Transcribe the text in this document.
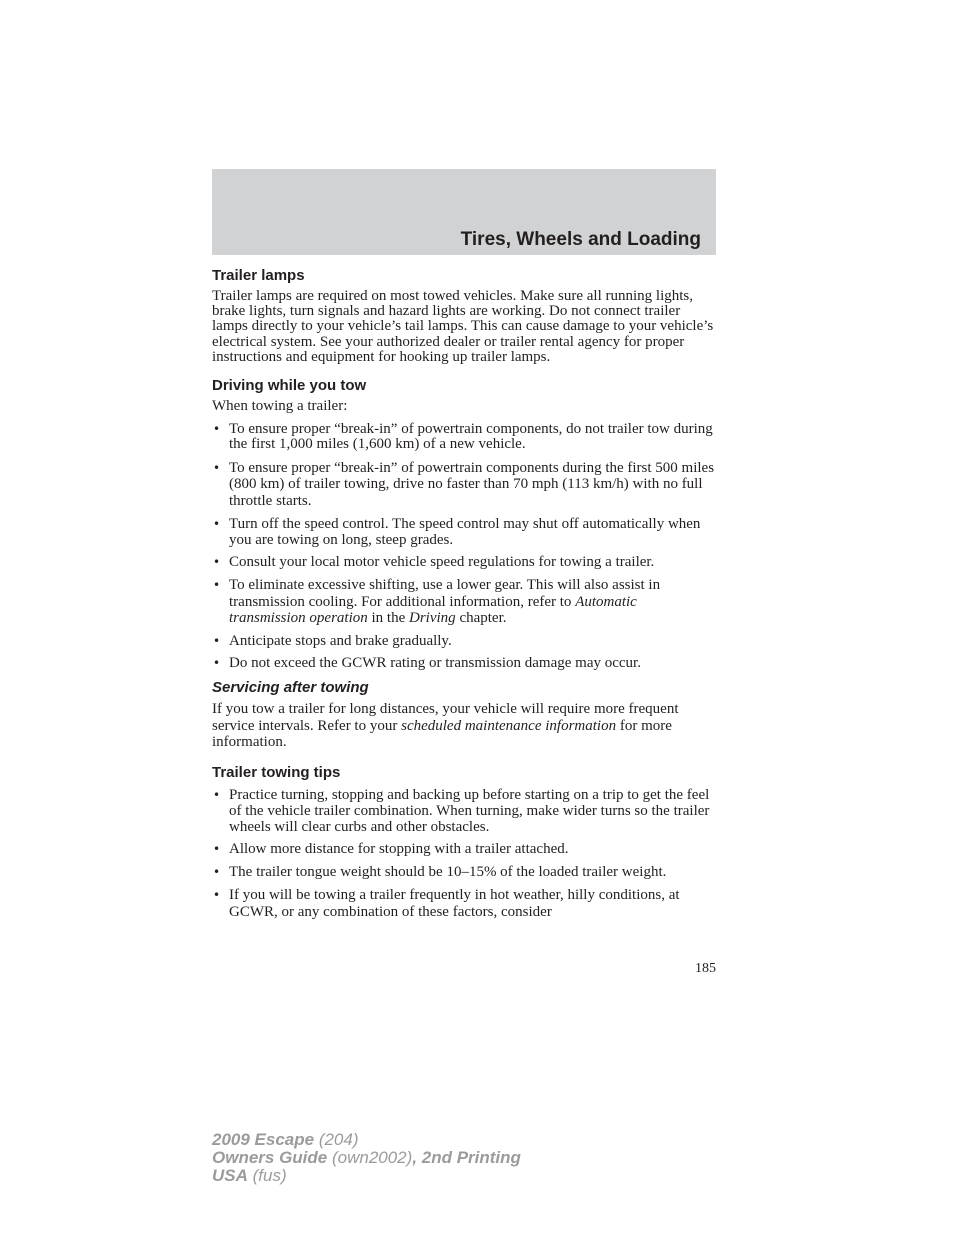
Tires, Wheels and Loading
Trailer lamps

Trailer lamps are required on most towed vehicles. Make sure all running lights, brake lights, turn signals and hazard lights are working. Do not connect trailer lamps directly to your vehicle’s tail lamps. This can cause damage to your vehicle’s electrical system. See your authorized dealer or trailer rental agency for proper instructions and equipment for hooking up trailer lamps.

Driving while you tow

When towing a trailer:

• To ensure proper “break-in” of powertrain components, do not trailer tow during the first 1,000 miles (1,600 km) of a new vehicle.
• To ensure proper “break-in” of powertrain components during the first 500 miles (800 km) of trailer towing, drive no faster than 70 mph (113 km/h) with no full throttle starts.
• Turn off the speed control. The speed control may shut off automatically when you are towing on long, steep grades.
• Consult your local motor vehicle speed regulations for towing a trailer.
• To eliminate excessive shifting, use a lower gear. This will also assist in transmission cooling. For additional information, refer to Automatic transmission operation in the Driving chapter.
• Anticipate stops and brake gradually.
• Do not exceed the GCWR rating or transmission damage may occur.
Servicing after towing

If you tow a trailer for long distances, your vehicle will require more frequent service intervals. Refer to your scheduled maintenance information for more information.

Trailer towing tips
• Practice turning, stopping and backing up before starting on a trip to get the feel of the vehicle trailer combination. When turning, make wider turns so the trailer wheels will clear curbs and other obstacles.
• Allow more distance for stopping with a trailer attached.
• The trailer tongue weight should be 10–15% of the loaded trailer weight.
• If you will be towing a trailer frequently in hot weather, hilly conditions, at GCWR, or any combination of these factors, consider
185
2009 Escape (204)
Owners Guide (own2002), 2nd Printing
USA (fus)
